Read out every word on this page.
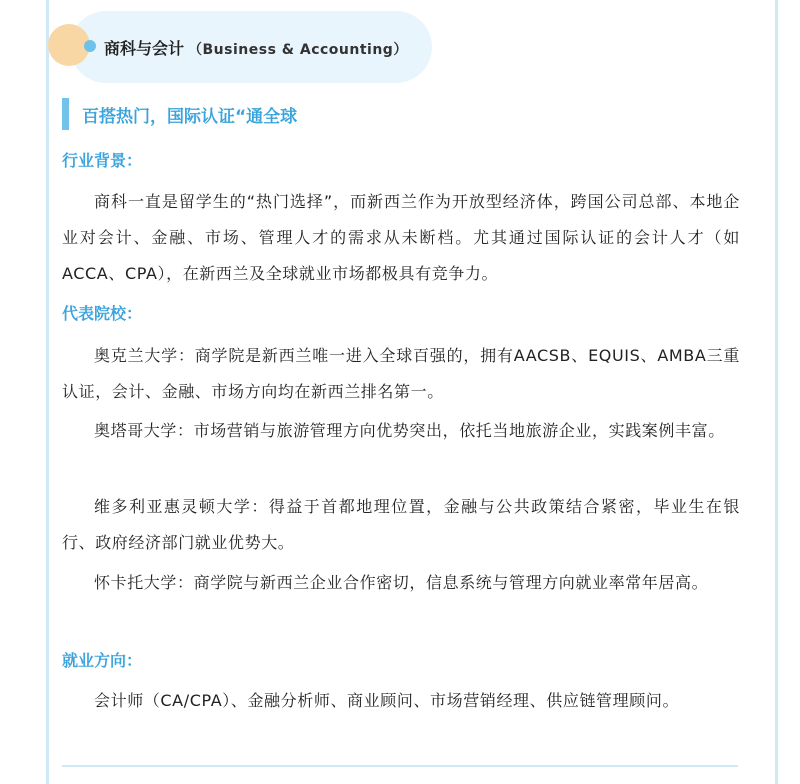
商科与会计 （Business & Accounting）
百搭热门，国际认证“通全球
行业背景：
商科一直是留学生的“热门选择”，而新西兰作为开放型经济体，跨国公司总部、本地企业对会计、金融、市场、管理人才的需求从未断档。尤其通过国际认证的会计人才（如ACCA、CPA），在新西兰及全球就业市场都极具有竞争力。
代表院校：
奥克兰大学：商学院是新西兰唯一进入全球百强的，拥有AACSB、EQUIS、AMBA三重认证，会计、金融、市场方向均在新西兰排名第一。
奥塔哥大学：市场营销与旅游管理方向优势突出，依托当地旅游企业，实践案例丰富。
维多利亚惠灵顿大学：得益于首都地理位置，金融与公共政策结合紧密，毕业生在银行、政府经济部门就业优势大。
怀卡托大学：商学院与新西兰企业合作密切，信息系统与管理方向就业率常年居高。
就业方向：
会计师（CA/CPA）、金融分析师、商业顾问、市场营销经理、供应链管理顾问。
